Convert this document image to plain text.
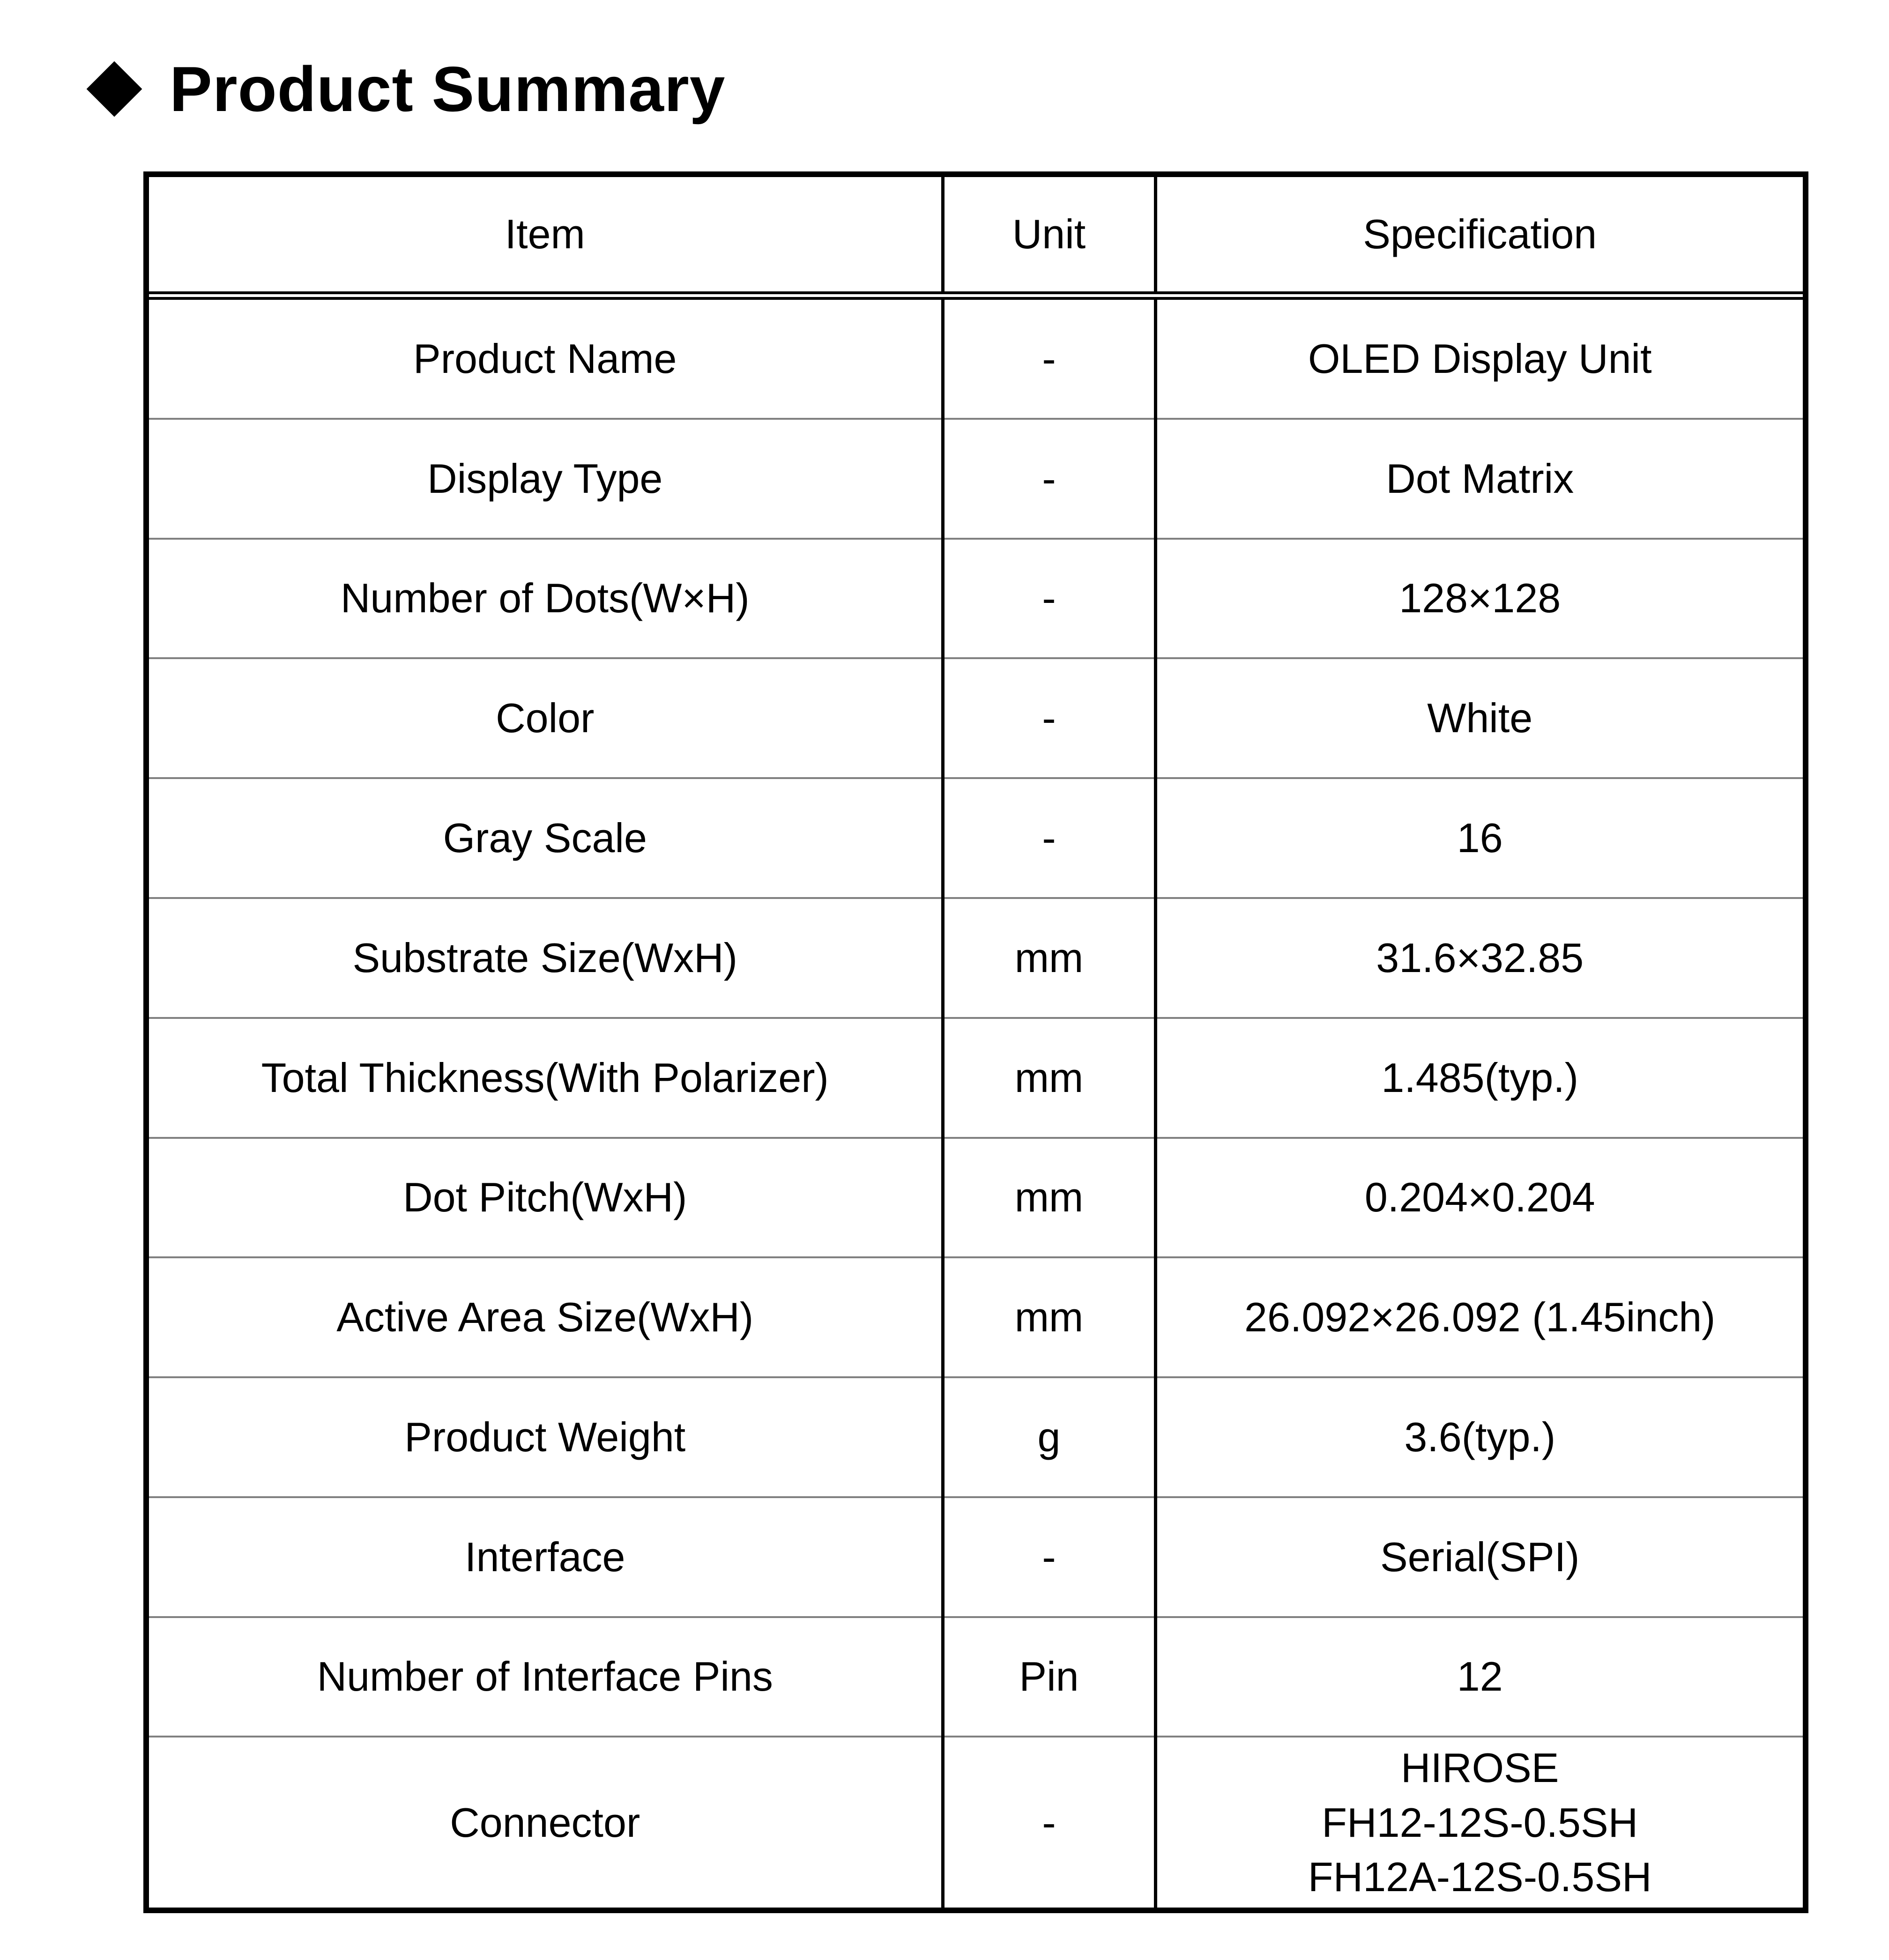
Product Summary
Item	Unit	Specification
Product Name	-	OLED Display Unit
Display Type	-	Dot Matrix
Number of Dots(W×H)	-	128×128
Color	-	White
Gray Scale	-	16
Substrate Size(WxH)	mm	31.6×32.85
Total Thickness(With Polarizer)	mm	1.485(typ.)
Dot Pitch(WxH)	mm	0.204×0.204
Active Area Size(WxH)	mm	26.092×26.092 (1.45inch)
Product Weight	g	3.6(typ.)
Interface	-	Serial(SPI)
Number of Interface Pins	Pin	12
Connector	-	HIROSE
FH12-12S-0.5SH
FH12A-12S-0.5SH
